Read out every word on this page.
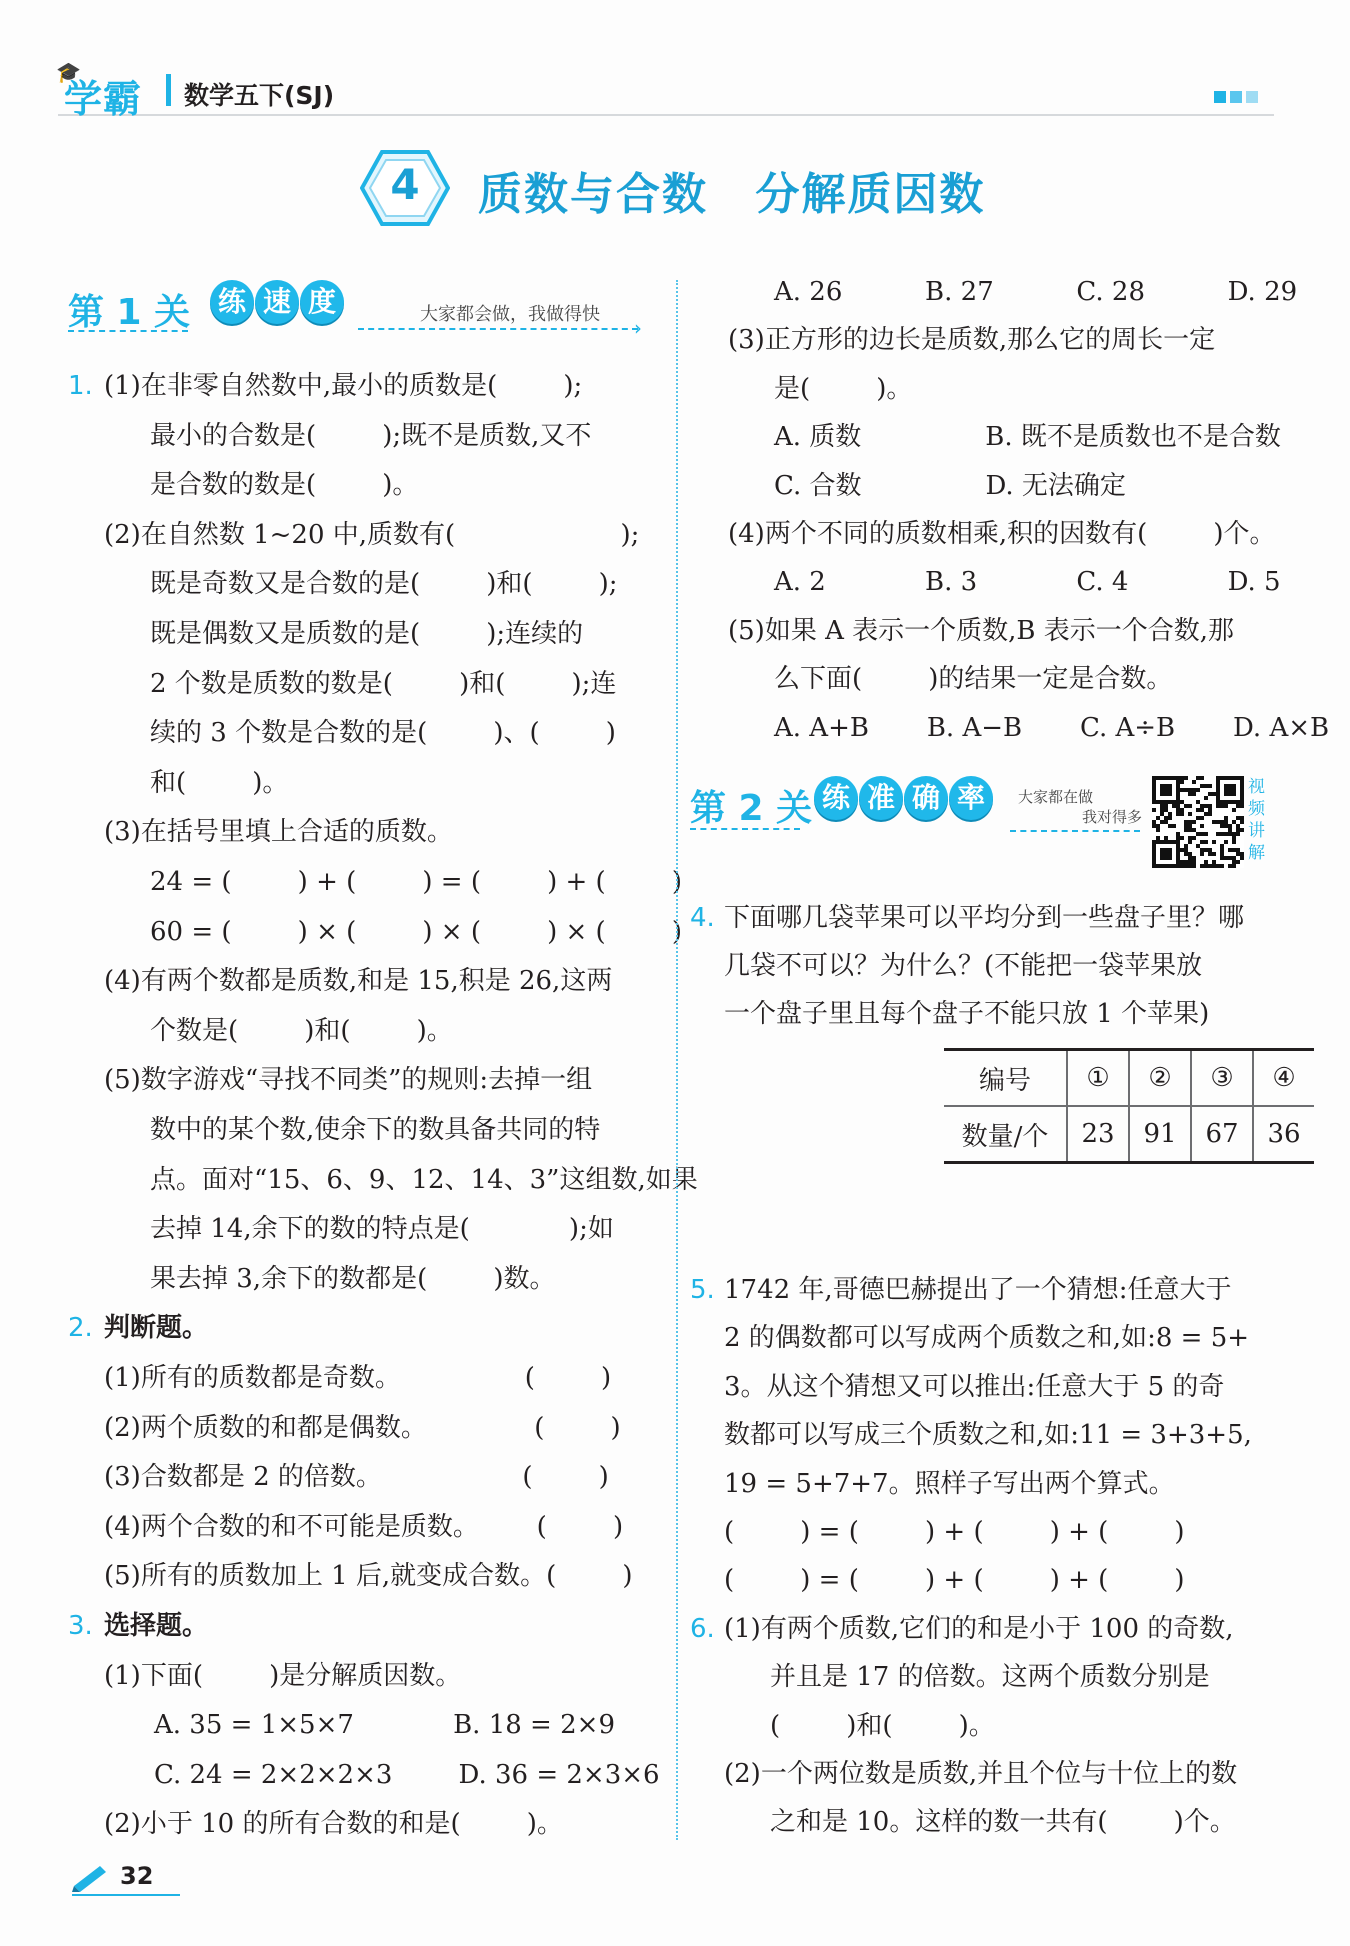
🎓
学霸 数学五下(SJ)
4	质数与合数 分解质因数
第 1 关 练 速 度	大家都会做，我做得快
›
1. (1)在非零自然数中,最小的质数是(        );
最小的合数是(        );既不是质数,又不
是合数的数是(        )。
(2)在自然数 1~20 中,质数有(                    );
既是奇数又是合数的是(        )和(        );
既是偶数又是质数的是(        );连续的
2 个数是质数的数是(        )和(        );连
续的 3 个数是合数的是(        )、(        )
和(        )。
(3)在括号里填上合适的质数。
24 = (        ) + (        ) = (        ) + (        )
60 = (        ) × (        ) × (        ) × (        )
(4)有两个数都是质数,和是 15,积是 26,这两
个数是(        )和(        )。
(5)数字游戏“寻找不同类”的规则:去掉一组
数中的某个数,使余下的数具备共同的特
点。面对“15、6、9、12、14、3”这组数,如果
去掉 14,余下的数的特点是(            );如
果去掉 3,余下的数都是(        )数。
2. 判断题。
(1)所有的质数都是奇数。               (        )
(2)两个质数的和都是偶数。             (        )
(3)合数都是 2 的倍数。                 (        )
(4)两个合数的和不可能是质数。       (        )
(5)所有的质数加上 1 后,就变成合数。(        )
3. 选择题。
(1)下面(        )是分解质因数。
A. 35 = 1×5×7            B. 18 = 2×9
C. 24 = 2×2×2×3        D. 36 = 2×3×6
(2)小于 10 的所有合数的和是(        )。
A. 26          B. 27          C. 28          D. 29
(3)正方形的边长是质数,那么它的周长一定
是(        )。
A. 质数               B. 既不是质数也不是合数
C. 合数               D. 无法确定
(4)两个不同的质数相乘,积的因数有(        )个。
A. 2            B. 3            C. 4            D. 5
(5)如果 A 表示一个质数,B 表示一个合数,那
么下面(        )的结果一定是合数。
A. A+B       B. A−B       C. A÷B       D. A×B
第 2 关 练 准 确 率	大家都在做
我对得多
视
频
讲
解
4. 下面哪几袋苹果可以平均分到一些盘子里？哪
几袋不可以？为什么？(不能把一袋苹果放
一个盘子里且每个盘子不能只放 1 个苹果)
编号	①	②	③	④
数量/个	23	91	67	36
5. 1742 年,哥德巴赫提出了一个猜想:任意大于
2 的偶数都可以写成两个质数之和,如:8 = 5+
3。从这个猜想又可以推出:任意大于 5 的奇
数都可以写成三个质数之和,如:11 = 3+3+5,
19 = 5+7+7。照样子写出两个算式。
(        ) = (        ) + (        ) + (        )
(        ) = (        ) + (        ) + (        )
6. (1)有两个质数,它们的和是小于 100 的奇数,
并且是 17 的倍数。这两个质数分别是
(        )和(        )。
(2)一个两位数是质数,并且个位与十位上的数
之和是 10。这样的数一共有(        )个。
32
